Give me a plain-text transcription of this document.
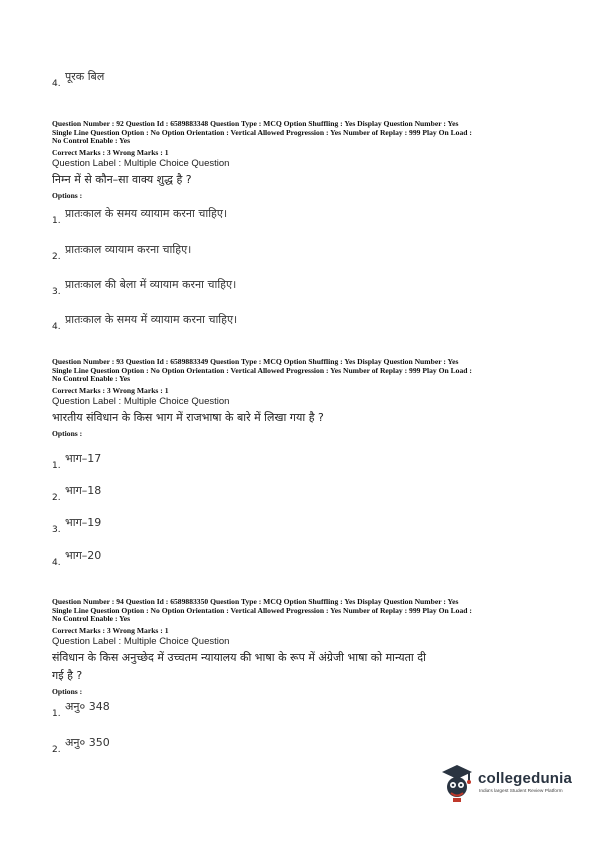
4.
पूरक बिल

Question Number : 92 Question Id : 6589883348 Question Type : MCQ Option Shuffling : Yes Display Question Number : Yes

Single Line Question Option : No Option Orientation : Vertical Allowed Progression : Yes Number of Replay : 999 Play On Load :

No Control Enable : Yes

Correct Marks : 3 Wrong Marks : 1
Question Label : Multiple Choice Question
निम्न में से कौन–सा वाक्य शुद्ध है ?
Options :
1.
प्रातःकाल के समय व्यायाम करना चाहिए।
2.
प्रातःकाल व्यायाम करना चाहिए।
3.
प्रातःकाल की बेला में व्यायाम करना चाहिए।
4.
प्रातःकाल के समय में व्यायाम करना चाहिए।

Question Number : 93 Question Id : 6589883349 Question Type : MCQ Option Shuffling : Yes Display Question Number : Yes

Single Line Question Option : No Option Orientation : Vertical Allowed Progression : Yes Number of Replay : 999 Play On Load :

No Control Enable : Yes

Correct Marks : 3 Wrong Marks : 1
Question Label : Multiple Choice Question
भारतीय संविधान के किस भाग में राजभाषा के बारे में लिखा गया है ?
Options :
1.
भाग–17
2.
भाग–18
3.
भाग–19
4.
भाग–20

Question Number : 94 Question Id : 6589883350 Question Type : MCQ Option Shuffling : Yes Display Question Number : Yes

Single Line Question Option : No Option Orientation : Vertical Allowed Progression : Yes Number of Replay : 999 Play On Load :

No Control Enable : Yes

Correct Marks : 3 Wrong Marks : 1
Question Label : Multiple Choice Question
संविधान के किस अनुच्छेद में उच्चतम न्यायालय की भाषा के रूप में अंग्रेजी भाषा को मान्यता दी
गई है ?
Options :
1.
अनु० 348
2.
अनु० 350
collegedunia
India's largest Student Review Platform
